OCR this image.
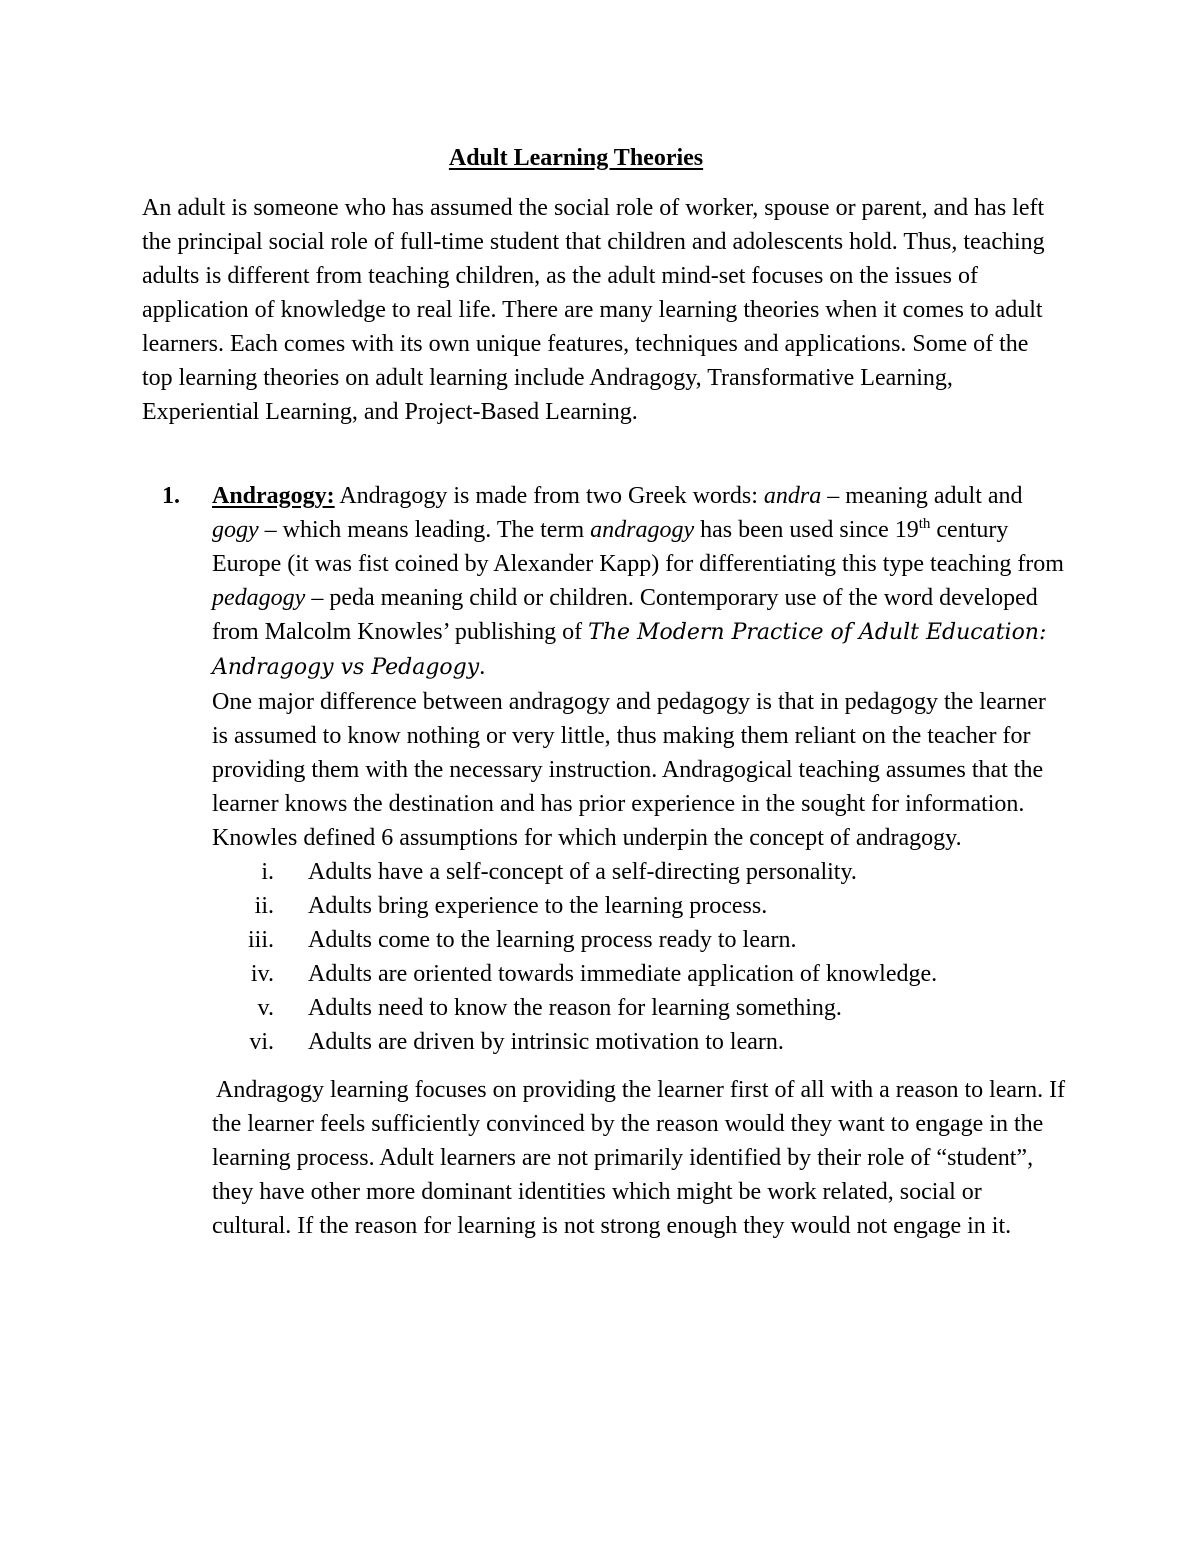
Adult Learning Theories
An adult is someone who has assumed the social role of worker, spouse or parent, and has left the principal social role of full-time student that children and adolescents hold. Thus, teaching adults is different from teaching children, as the adult mind-set focuses on the issues of application of knowledge to real life. There are many learning theories when it comes to adult learners. Each comes with its own unique features, techniques and applications. Some of the top learning theories on adult learning include Andragogy, Transformative Learning, Experiential Learning, and Project-Based Learning.
1. Andragogy: Andragogy is made from two Greek words: andra – meaning adult and gogy – which means leading. The term andragogy has been used since 19th century Europe (it was fist coined by Alexander Kapp) for differentiating this type teaching from pedagogy – peda meaning child or children. Contemporary use of the word developed from Malcolm Knowles’ publishing of The Modern Practice of Adult Education: Andragogy vs Pedagogy.
One major difference between andragogy and pedagogy is that in pedagogy the learner is assumed to know nothing or very little, thus making them reliant on the teacher for providing them with the necessary instruction. Andragogical teaching assumes that the learner knows the destination and has prior experience in the sought for information.
Knowles defined 6 assumptions for which underpin the concept of andragogy.
i. Adults have a self-concept of a self-directing personality.
ii. Adults bring experience to the learning process.
iii. Adults come to the learning process ready to learn.
iv. Adults are oriented towards immediate application of knowledge.
v. Adults need to know the reason for learning something.
vi. Adults are driven by intrinsic motivation to learn.
Andragogy learning focuses on providing the learner first of all with a reason to learn. If the learner feels sufficiently convinced by the reason would they want to engage in the learning process. Adult learners are not primarily identified by their role of “student”, they have other more dominant identities which might be work related, social or cultural. If the reason for learning is not strong enough they would not engage in it.
